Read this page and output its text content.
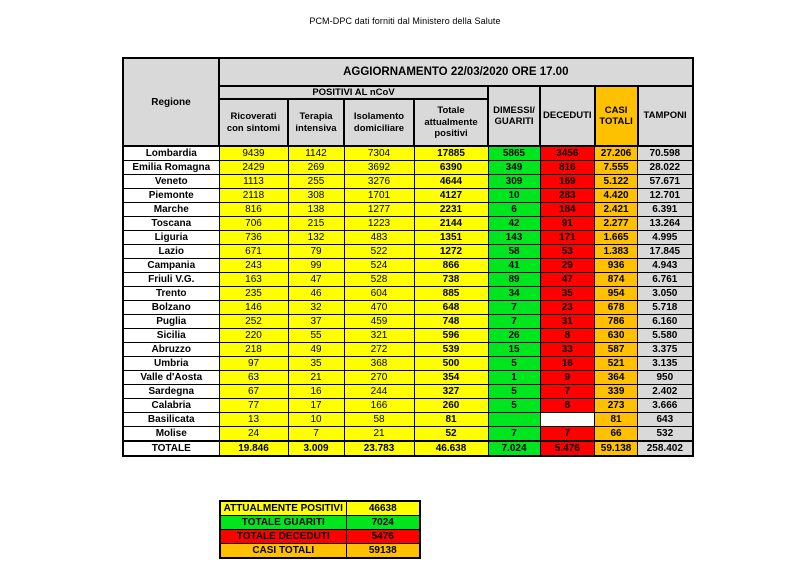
PCM-DPC dati forniti dal Ministero della Salute
Regione	AGGIORNAMENTO 22/03/2020 ORE 17.00							
	POSITIVI AL nCoV				DIMESSI/ GUARITI	DECEDUTI	CASI TOTALI	TAMPONI
	Ricoverati con sintomi	Terapia intensiva	Isolamento domiciliare	Totale attualmente positivi				
Lombardia	9439	1142	7304	17885	5865	3456	27.206	70.598
Emilia Romagna	2429	269	3692	6390	349	816	7.555	28.022
Veneto	1113	255	3276	4644	309	169	5.122	57.671
Piemonte	2118	308	1701	4127	10	283	4.420	12.701
Marche	816	138	1277	2231	6	184	2.421	6.391
Toscana	706	215	1223	2144	42	91	2.277	13.264
Liguria	736	132	483	1351	143	171	1.665	4.995
Lazio	671	79	522	1272	58	53	1.383	17.845
Campania	243	99	524	866	41	29	936	4.943
Friuli V.G.	163	47	528	738	89	47	874	6.761
Trento	235	46	604	885	34	35	954	3.050
Bolzano	146	32	470	648	7	23	678	5.718
Puglia	252	37	459	748	7	31	786	6.160
Sicilia	220	55	321	596	26	8	630	5.580
Abruzzo	218	49	272	539	15	33	587	3.375
Umbria	97	35	368	500	5	16	521	3.135
Valle d'Aosta	63	21	270	354	1	9	364	950
Sardegna	67	16	244	327	5	7	339	2.402
Calabria	77	17	166	260	5	8	273	3.666
Basilicata	13	10	58	81			81	643
Molise	24	7	21	52	7	7	66	532
TOTALE	19.846	3.009	23.783	46.638	7.024	5.476	59.138	258.402
ATTUALMENTE POSITIVI	46638
TOTALE GUARITI	7024
TOTALE DECEDUTI	5476
CASI TOTALI	59138
